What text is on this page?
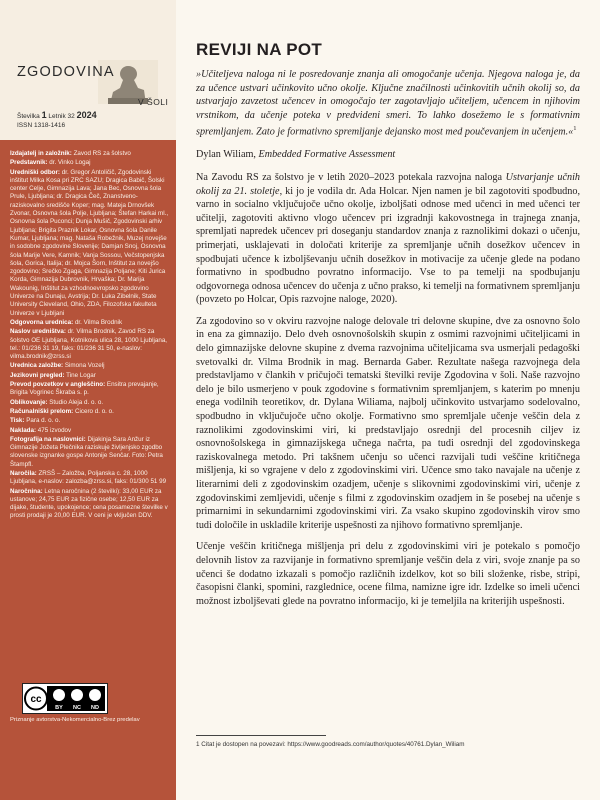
ZGODOVINA
V ŠOLI
Številka 1 Letnik 32 2024
ISSN 1318-1416

Izdajatelj in založnik: Zavod RS za šolstvo

Predstavnik: dr. Vinko Logaj

Uredniški odbor: dr. Gregor Antoličič, Zgodovinski inštitut Milka Kosa pri ZRC SAZU; Dragica Babič, Šolski center Celje, Gimnazija Lava; Jana Bec, Osnovna šola Prule, Ljubljana; dr. Dragica Čeč, Znanstveno-raziskovalno središče Koper; mag. Mateja Drnovšek Zvonar, Osnovna šola Polje, Ljubljana; Štefan Harkai ml., Osnovna šola Puconci; Dunja Mušič, Zgodovinski arhiv Ljubljana; Brigita Praznik Lokar, Osnovna šola Danile Kumar, Ljubljana; mag. Nataša Robežnik, Muzej novejše in sodobne zgodovine Slovenije; Damjan Snoj, Osnovna šola Marije Vere, Kamnik; Vanja Sossou, Večstopenjska šola, Gorica, Italija; dr. Mojca Šorn, Inštitut za novejšo zgodovino; Srečko Zgaga, Gimnazija Poljane; Kiti Jurica Korda, Gimnazija Dubrovnik, Hrvaška; Dr. Marija Wakounig, Inštitut za vzhodnoevropsko zgodovino Univerze na Dunaju, Avstrija; Dr. Luka Zibelnik, State University Cleveland, Ohio, ZDA, Filozofska fakulteta Univerze v Ljubljani

Odgovorna urednica: dr. Vilma Brodnik

Naslov uredništva: dr. Vilma Brodnik, Zavod RS za šolstvo OE Ljubljana, Kotnikova ulica 28, 1000 Ljubljana, tel.: 01/236 31 19, faks: 01/236 31 50, e-naslov: vilma.brodnik@zrss.si

Urednica založbe: Simona Vozelj

Jezikovni pregled: Tine Logar

Prevod povzetkov v angleščino: Ensitra prevajanje, Brigita Vogrinec Škraba s. p.

Oblikovanje: Studio Aleja d. o. o.

Računalniški prelom: Cicero d. o. o.

Tisk: Para d. o. o.

Naklada: 475 izvodov

Fotografija na naslovnici: Dijakinja Sara Anžur iz Gimnazije Jožeta Plečnika raziskuje življenjsko zgodbo slovenske izgnanke gospe Antonije Senčar. Foto: Petra Štampfl.

Naročila: ZRSŠ – Založba, Poljanska c. 28, 1000 Ljubljana, e-naslov: zalozba@zrss.si, faks: 01/300 51 99

Naročnina: Letna naročnina (2 številki): 33,00 EUR za ustanove; 24,75 EUR za fizične osebe; 12,50 EUR za dijake, študente, upokojence; cena posamezne številke v prosti prodaji je 20,00 EUR. V ceni je vključen DDV.

cc
BY NC ND
Priznanje avtorstva-Nekomercialno-Brez predelav
REVIJI NA POT

»Učiteljeva naloga ni le posredovanje znanja ali omogočanje učenja. Njegova naloga je, da za učence ustvari učinkovito učno okolje. Ključne značilnosti učinkovitih učnih okolij so, da ustvarjajo zavzetost učencev in omogočajo ter zagotavljajo učiteljem, učencem in njihovim vrstnikom, da učenje poteka v predvideni smeri. To lahko dosežemo le s formativnim spremljanjem. Zato je formativno spremljanje dejansko most med poučevanjem in učenjem.«$^1$

Dylan Wiliam, Embedded Formative Assessment

Na Zavodu RS za šolstvo je v letih 2020–2023 potekala razvojna naloga Ustvarjanje učnih okolij za 21. stoletje, ki jo je vodila dr. Ada Holcar. Njen namen je bil zagotoviti spodbudno, varno in socialno vključujoče učno okolje, izboljšati odnose med učenci in med učenci ter učitelji, zagotoviti aktivno vlogo učencev pri izgradnji kakovostnega in trajnega znanja, spremljati napredek učencev pri doseganju standardov znanja z raznolikimi dokazi o učenju, primerjati, usklajevati in določati kriterije za spremljanje učnih dosežkov učencev in spodbujati učence k izboljševanju učnih dosežkov in motivacije za učenje glede na podano formativno in spodbudno povratno informacijo. Vse to pa temelji na spodbujanju odgovornega odnosa učencev do učenja z učno prakso, ki temelji na formativnem spremljanju (povzeto po Holcar, Opis razvojne naloge, 2020).

Za zgodovino so v okviru razvojne naloge delovale tri delovne skupine, dve za osnovno šolo in ena za gimnazijo. Delo dveh osnovnošolskih skupin z osmimi razvojnimi učiteljicami in delo gimnazijske delovne skupine z dvema razvojnima učiteljicama sva usmerjali pedagoški svetovalki dr. Vilma Brodnik in mag. Bernarda Gaber. Rezultate našega razvojnega dela predstavljamo v člankih v pričujoči tematski številki revije Zgodovina v šoli. Naše razvojno delo je bilo usmerjeno v pouk zgodovine s formativnim spremljanjem, s katerim po mnenju enega vodilnih teoretikov, dr. Dylana Wiliama, najbolj učinkovito ustvarjamo sodelovalno, spodbudno in vključujoče učno okolje. Formativno smo spremljale učenje veščin dela z raznolikimi zgodovinskimi viri, ki predstavljajo osrednji del procesnih ciljev iz osnovnošolskega in gimnazijskega učnega načrta, pa tudi osrednji del zgodovinskega raziskovalnega metodo. Pri takšnem učenju so učenci razvijali tudi veščine kritičnega mišljenja, ki so vgrajene v delo z zgodovinskimi viri. Učence smo tako navajale na učenje z literarnimi deli z zgodovinskim ozadjem, učenje s slikovnimi zgodovinskimi viri, učenje z zgodovinskimi zemljevidi, učenje s filmi z zgodovinskim ozadjem in še posebej na učenje s primarnimi in sekundarnimi zgodovinskimi viri. Za vsako skupino zgodovinskih virov smo tudi določile in uskladile kriterije uspešnosti za njihovo formativno spremljanje.

Učenje veščin kritičnega mišljenja pri delu z zgodovinskimi viri je potekalo s pomočjo delovnih listov za razvijanje in formativno spremljanje veščin dela z viri, svoje znanje pa so učenci še dodatno izkazali s pomočjo različnih izdelkov, kot so bili složenke, risbe, stripi, časopisni članki, spomini, razglednice, ocene filma, namizne igre idr. Izdelke so imeli učenci možnost izboljševati glede na povratno informacijo, ki je temeljila na kriterijih uspešnosti.

1 Citat je dostopen na povezavi: https://www.goodreads.com/author/quotes/40761.Dylan_Wiliam
